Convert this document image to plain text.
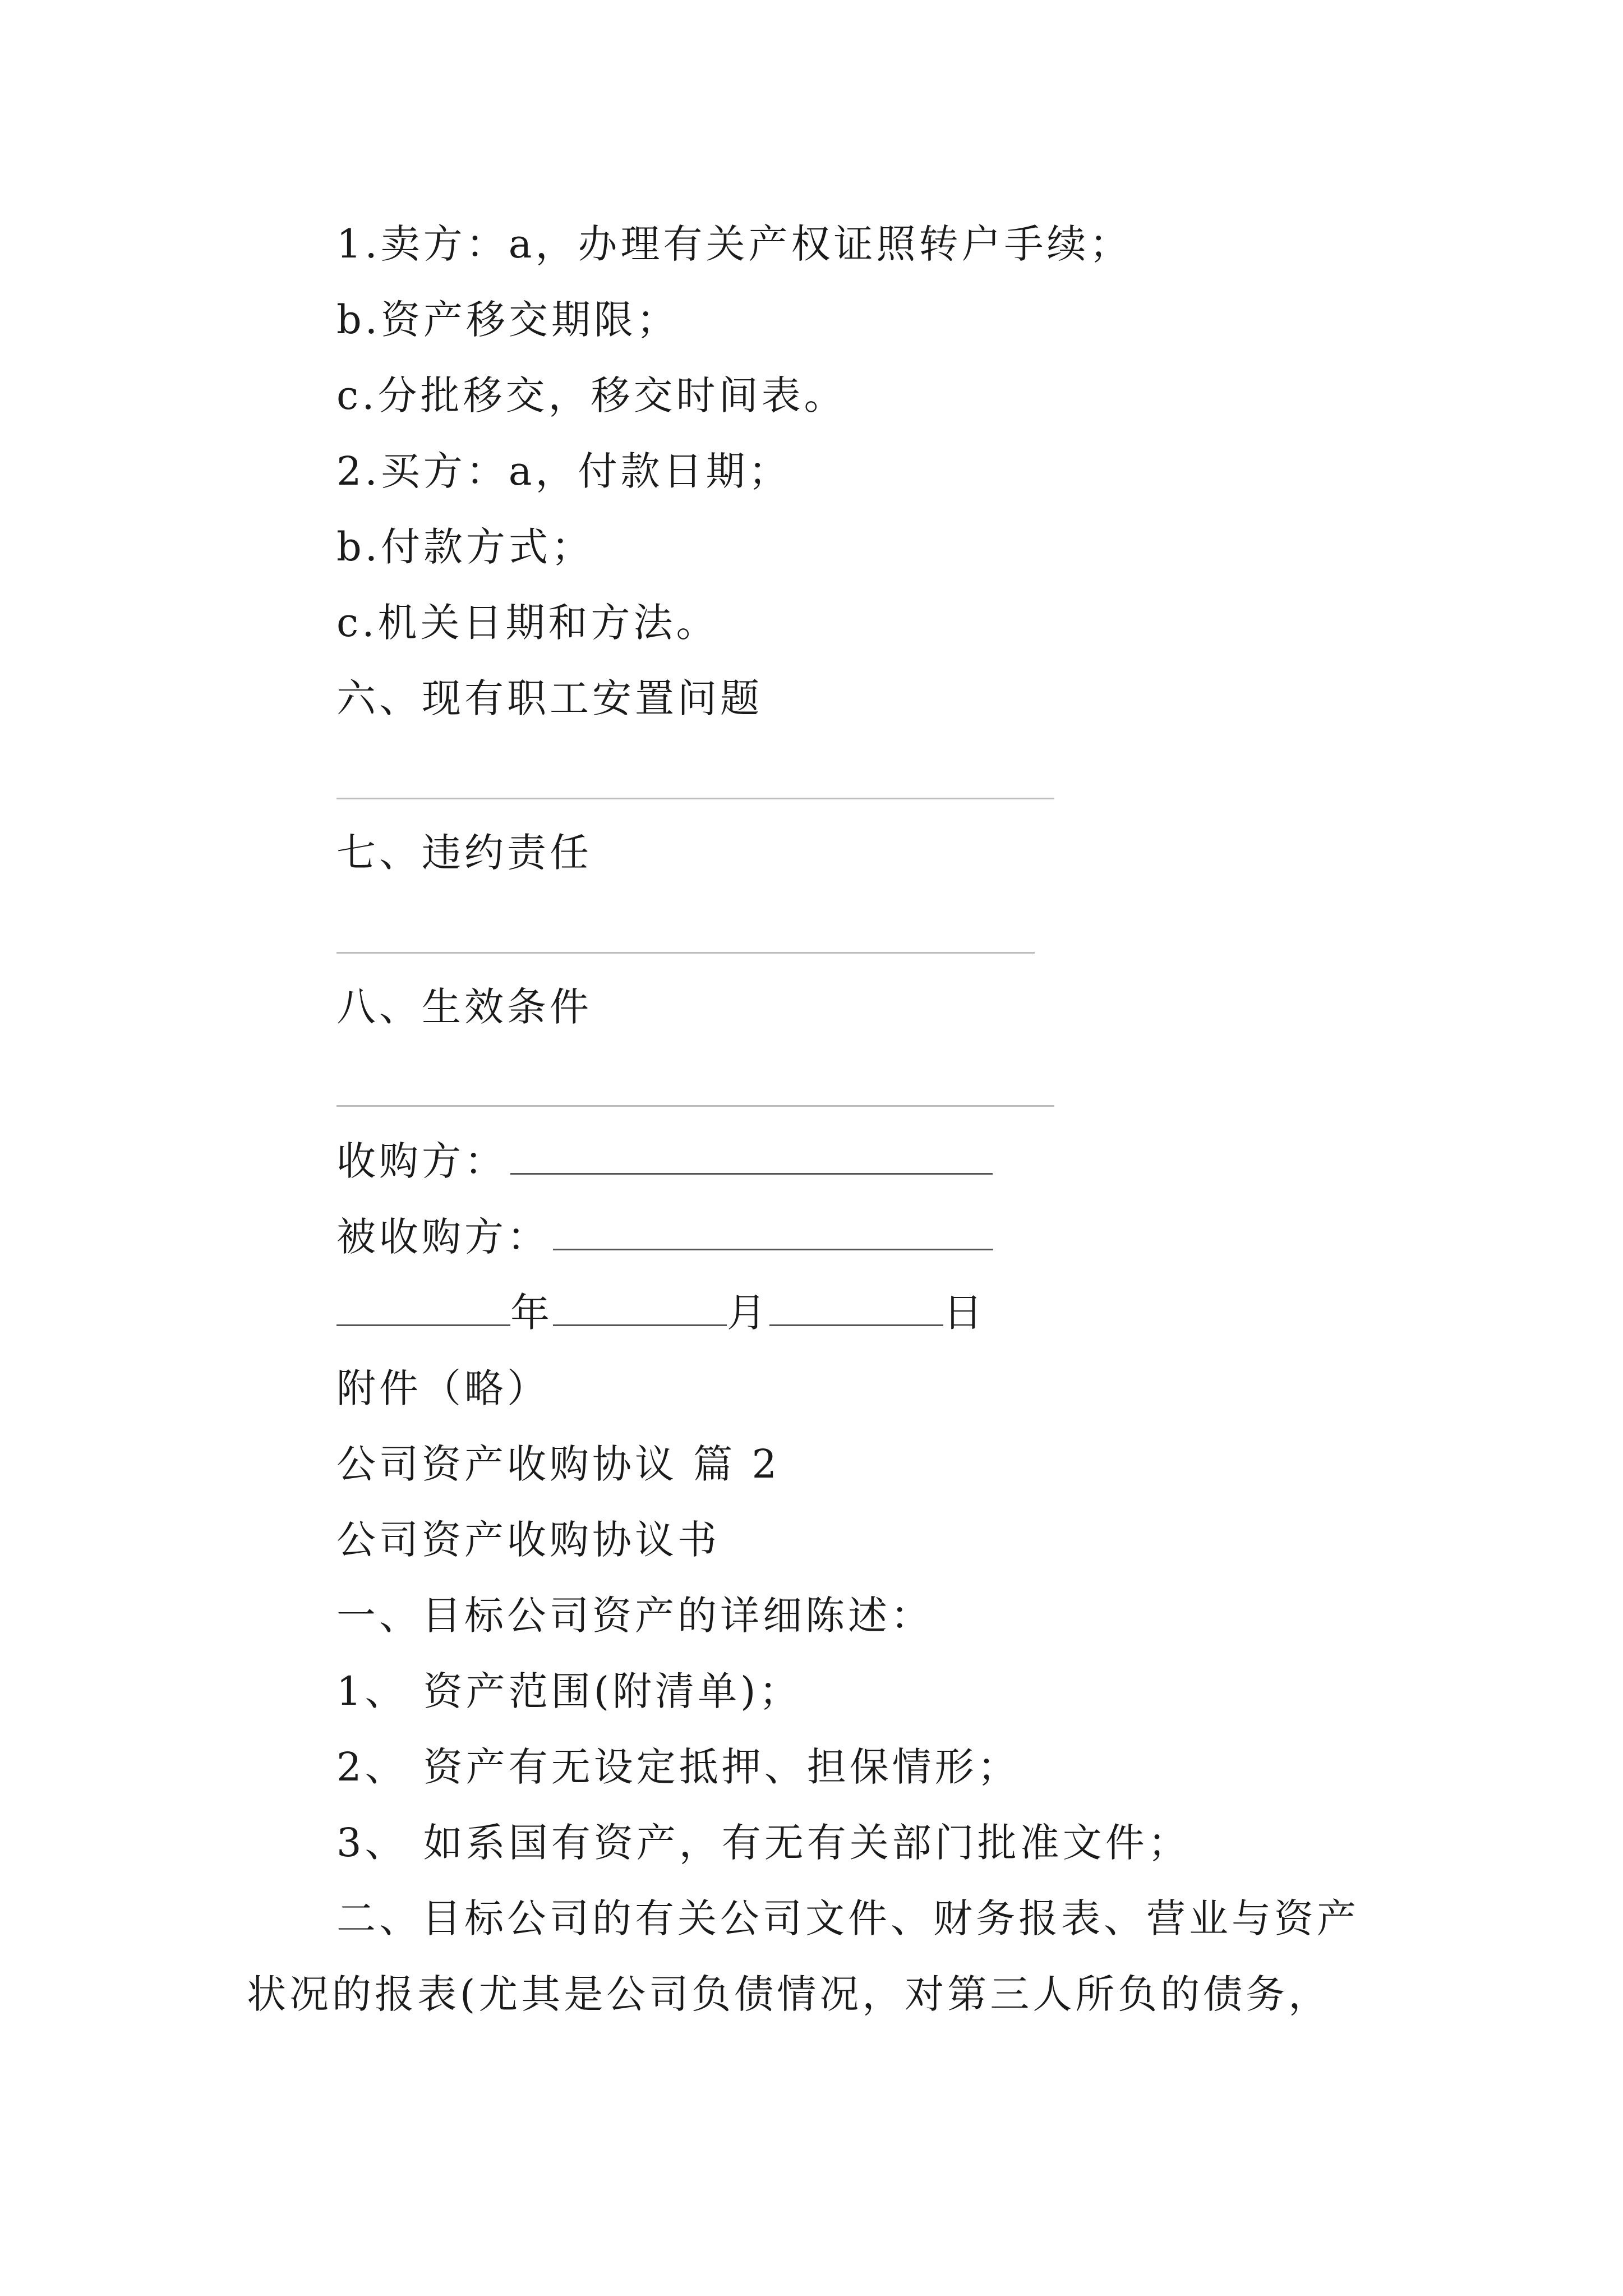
1.卖方：a，办理有关产权证照转户手续；
b.资产移交期限；
c.分批移交，移交时间表。
2.买方：a，付款日期；
b.付款方式；
c.机关日期和方法。
六、现有职工安置问题
七、违约责任
八、生效条件
收购方：
被收购方：
年	月	日
附件（略）
公司资产收购协议 篇 2
公司资产收购协议书
一、目标公司资产的详细陈述：
1、 资产范围(附清单)；
2、 资产有无设定抵押、担保情形；
3、 如系国有资产，有无有关部门批准文件；
二、目标公司的有关公司文件、财务报表、营业与资产
状况的报表(尤其是公司负债情况，对第三人所负的债务，
